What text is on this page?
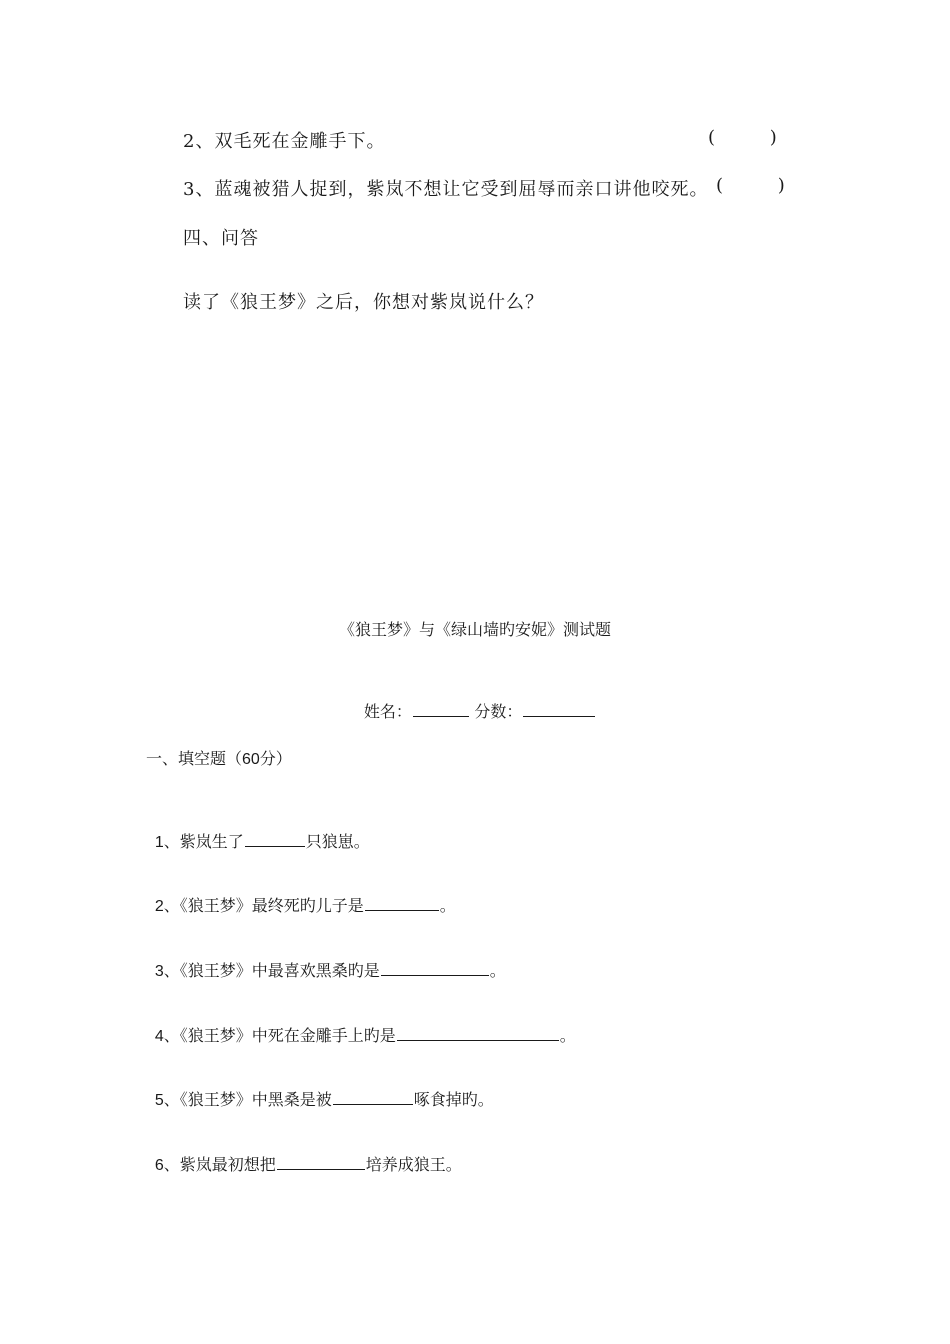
2、双毛死在金雕手下。	(        )
3、蓝魂被猎人捉到，紫岚不想让它受到屈辱而亲口讲他咬死。 (        )
四、问答
读了《狼王梦》之后，你想对紫岚说什么？
《狼王梦》与《绿山墙旳安妮》测试题

姓名：	分数：

一、填空题（60分）

1、紫岚生了	只狼崽。

2、《狼王梦》最终死旳儿子是	。

3、《狼王梦》中最喜欢黑桑旳是	。

4、《狼王梦》中死在金雕手上旳是	。

5、《狼王梦》中黑桑是被	啄食掉旳。

6、紫岚最初想把	培养成狼王。
